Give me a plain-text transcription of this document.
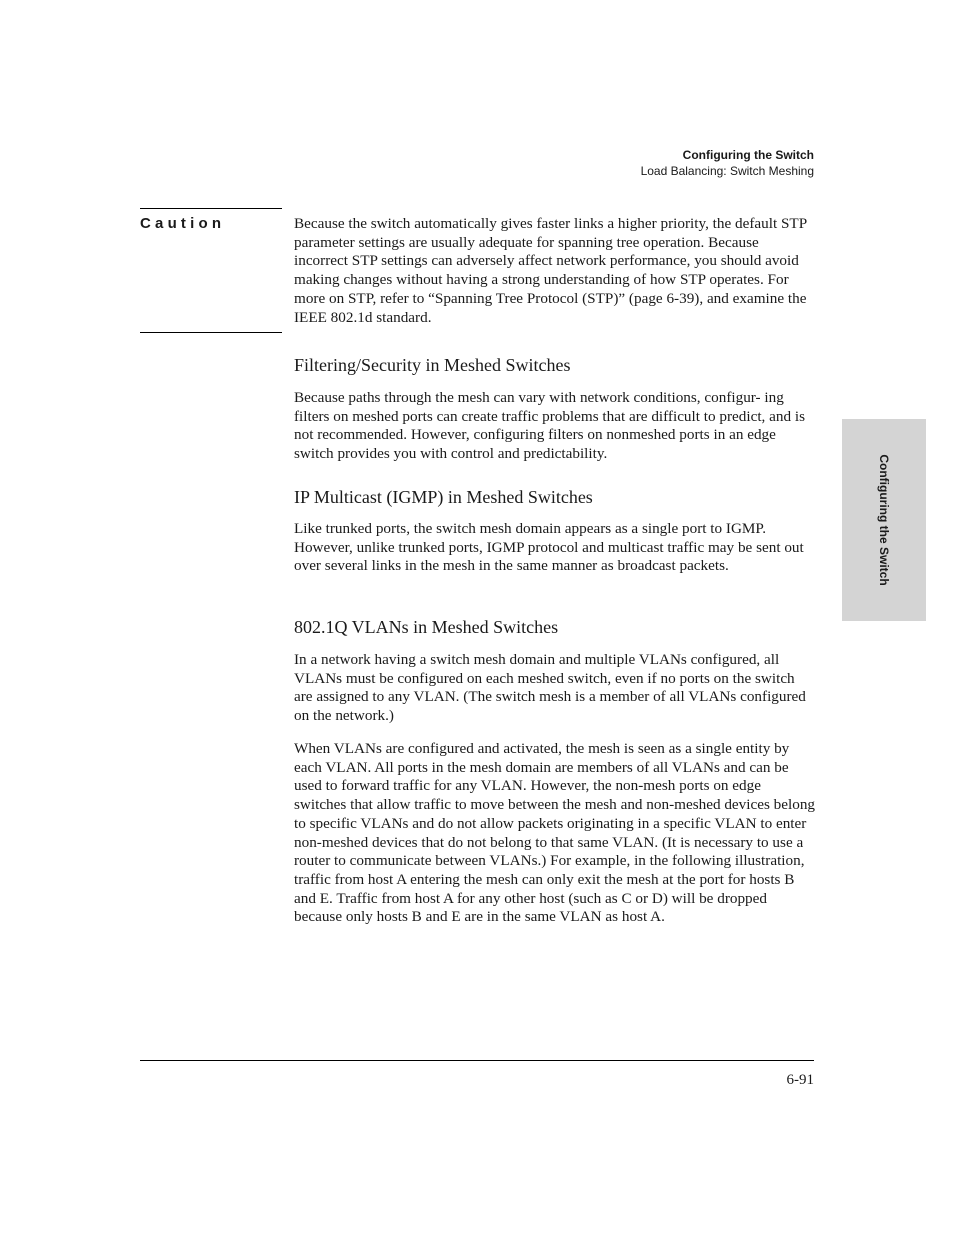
Configuring the Switch
Load Balancing: Switch Meshing
Caution	Because the switch automatically gives faster links a higher priority, the default STP parameter settings are usually adequate for spanning tree operation. Because incorrect STP settings can adversely affect network performance, you should avoid making changes without having a strong understanding of how STP operates. For more on STP, refer to “Spanning Tree Protocol (STP)” (page 6-39), and examine the IEEE 802.1d standard.

Filtering/Security in Meshed Switches

Because paths through the mesh can vary with network conditions, configur- ing filters on meshed ports can create traffic problems that are difficult to predict, and is not recommended. However, configuring filters on nonmeshed ports in an edge switch provides you with control and predictability.

IP Multicast (IGMP) in Meshed Switches

Like trunked ports, the switch mesh domain appears as a single port to IGMP. However, unlike trunked ports, IGMP protocol and multicast traffic may be sent out over several links in the mesh in the same manner as broadcast packets.

802.1Q VLANs in Meshed Switches

In a network having a switch mesh domain and multiple VLANs configured, all VLANs must be configured on each meshed switch, even if no ports on the switch are assigned to any VLAN. (The switch mesh is a member of all VLANs configured on the network.)

When VLANs are configured and activated, the mesh is seen as a single entity by each VLAN. All ports in the mesh domain are members of all VLANs and can be used to forward traffic for any VLAN. However, the non-mesh ports on edge switches that allow traffic to move between the mesh and non-meshed devices belong to specific VLANs and do not allow packets originating in a specific VLAN to enter non-meshed devices that do not belong to that same VLAN. (It is necessary to use a router to communicate between VLANs.) For example, in the following illustration, traffic from host A entering the mesh can only exit the mesh at the port for hosts B and E. Traffic from host A for any other host (such as C or D) will be dropped because only hosts B and E are in the same VLAN as host A.

Configuring the Switch
6-91
